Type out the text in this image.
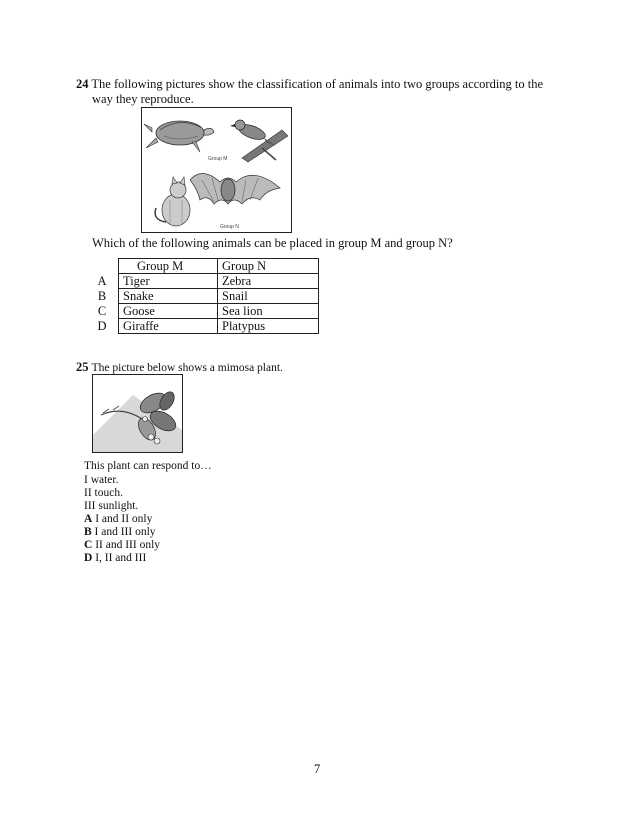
24 The following pictures show the classification of animals into two groups according to the
way they reproduce.
Group M
Group N
Which of the following animals can be placed in group M and group N?
	Group M	Group N
A	Tiger	Zebra
B	Snake	Snail
C	Goose	Sea lion
D	Giraffe	Platypus
25 The picture below shows a mimosa plant.
This plant can respond to…
I water.
II touch.
III sunlight.
A I and II only
B I and III only
C II and III only
D I, II and III
7
